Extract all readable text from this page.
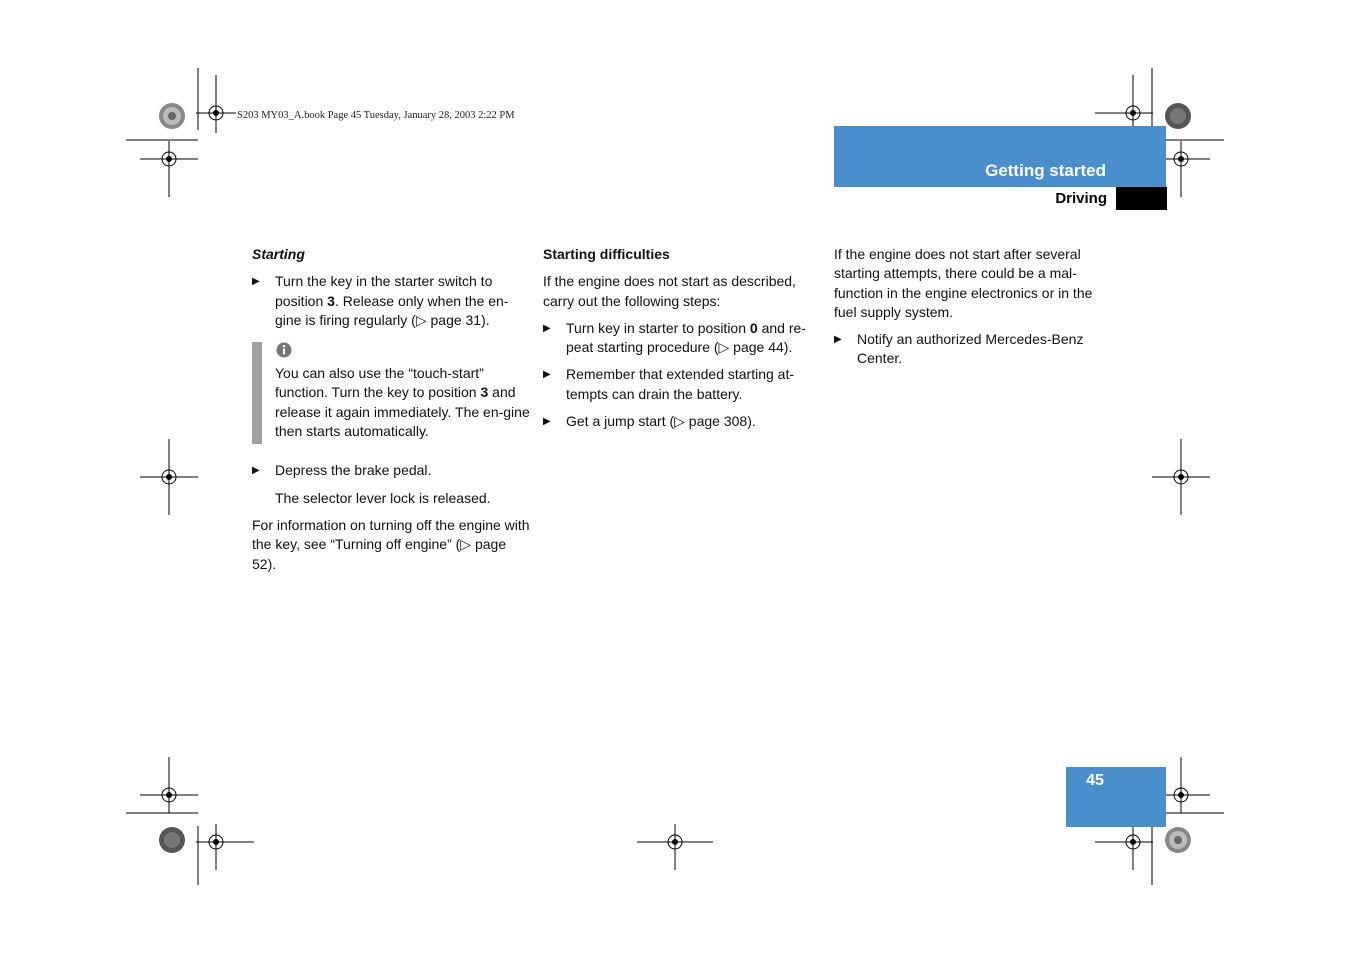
S203 MY03_A.book Page 45 Tuesday, January 28, 2003 2:22 PM
Getting started
Driving

Starting

▶ Turn the key in the starter switch to position 3. Release only when the en-gine is firing regularly (▷ page 31).

You can also use the “touch-start” function. Turn the key to position 3 and release it again immediately. The en-gine then starts automatically.

▶ Depress the brake pedal.

The selector lever lock is released.

For information on turning off the engine with the key, see “Turning off engine” (▷ page 52).

Starting difficulties

If the engine does not start as described, carry out the following steps:

▶ Turn key in starter to position 0 and re-peat starting procedure (▷ page 44).

▶ Remember that extended starting at-tempts can drain the battery.

▶ Get a jump start (▷ page 308).

If the engine does not start after several starting attempts, there could be a mal-function in the engine electronics or in the fuel supply system.

▶ Notify an authorized Mercedes-Benz Center.

45
